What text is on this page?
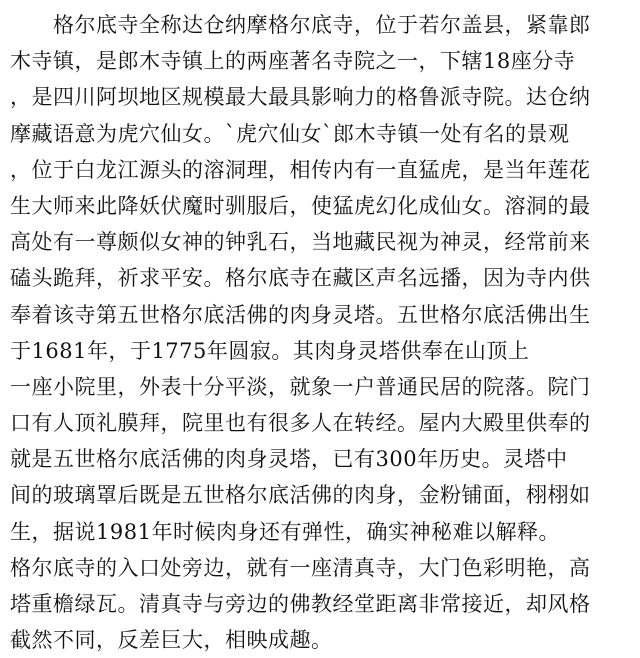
　　格尔底寺全称达仓纳摩格尔底寺，位于若尔盖县，紧靠郎
木寺镇，是郎木寺镇上的两座著名寺院之一，下辖18座分寺
，是四川阿坝地区规模最大最具影响力的格鲁派寺院。达仓纳
摩藏语意为虎穴仙女。`虎穴仙女`郎木寺镇一处有名的景观
，位于白龙江源头的溶洞理，相传内有一直猛虎，是当年莲花
生大师来此降妖伏魔时驯服后，使猛虎幻化成仙女。溶洞的最
高处有一尊颇似女神的钟乳石，当地藏民视为神灵，经常前来
磕头跪拜，祈求平安。格尔底寺在藏区声名远播，因为寺内供
奉着该寺第五世格尔底活佛的肉身灵塔。五世格尔底活佛出生
于1681年，于1775年圆寂。其肉身灵塔供奉在山顶上
一座小院里，外表十分平淡，就象一户普通民居的院落。院门
口有人顶礼膜拜，院里也有很多人在转经。屋内大殿里供奉的
就是五世格尔底活佛的肉身灵塔，已有300年历史。灵塔中
间的玻璃罩后既是五世格尔底活佛的肉身，金粉铺面，栩栩如
生，据说1981年时候肉身还有弹性，确实神秘难以解释。
格尔底寺的入口处旁边，就有一座清真寺，大门色彩明艳，高
塔重檐绿瓦。清真寺与旁边的佛教经堂距离非常接近，却风格
截然不同，反差巨大，相映成趣。
